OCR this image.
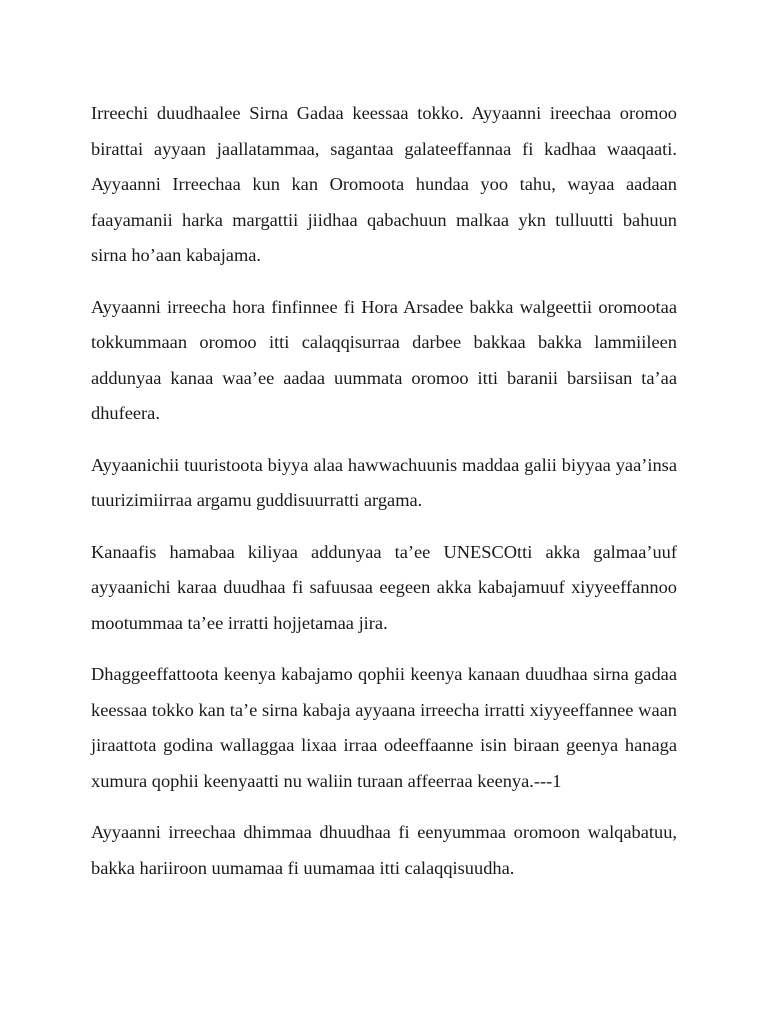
Irreechi duudhaalee Sirna Gadaa keessaa tokko. Ayyaanni ireechaa oromoo birattai ayyaan jaallatammaa, sagantaa galateeffannaa fi kadhaa waaqaati. Ayyaanni Irreechaa kun kan Oromoota hundaa yoo tahu, wayaa aadaan faayamanii harka margattii jiidhaa qabachuun malkaa ykn tulluutti bahuun sirna ho’aan kabajama.

Ayyaanni irreecha hora finfinnee fi Hora Arsadee bakka walgeettii oromootaa tokkummaan oromoo itti calaqqisurraa darbee bakkaa bakka lammiileen addunyaa kanaa waa’ee aadaa uummata oromoo itti baranii barsiisan ta’aa dhufeera.

Ayyaanichii tuuristoota biyya alaa hawwachuunis maddaa galii biyyaa yaa’insa tuurizimiirraa argamu guddisuurratti argama.

Kanaafis hamabaa kiliyaa addunyaa ta’ee UNESCOtti akka galmaa’uuf ayyaanichi karaa duudhaa fi safuusaa eegeen akka kabajamuuf xiyyeeffannoo mootummaa ta’ee irratti hojjetamaa jira.

Dhaggeeffattoota keenya kabajamo qophii keenya kanaan duudhaa sirna gadaa keessaa tokko kan ta’e sirna kabaja ayyaana irreecha irratti xiyyeeffannee waan jiraattota godina wallaggaa lixaa irraa odeeffaanne isin biraan geenya hanaga xumura qophii keenyaatti nu waliin turaan affeerraa keenya.---1

Ayyaanni irreechaa dhimmaa dhuudhaa fi eenyummaa oromoon walqabatuu, bakka hariiroon uumamaa fi uumamaa itti calaqqisuudha.
